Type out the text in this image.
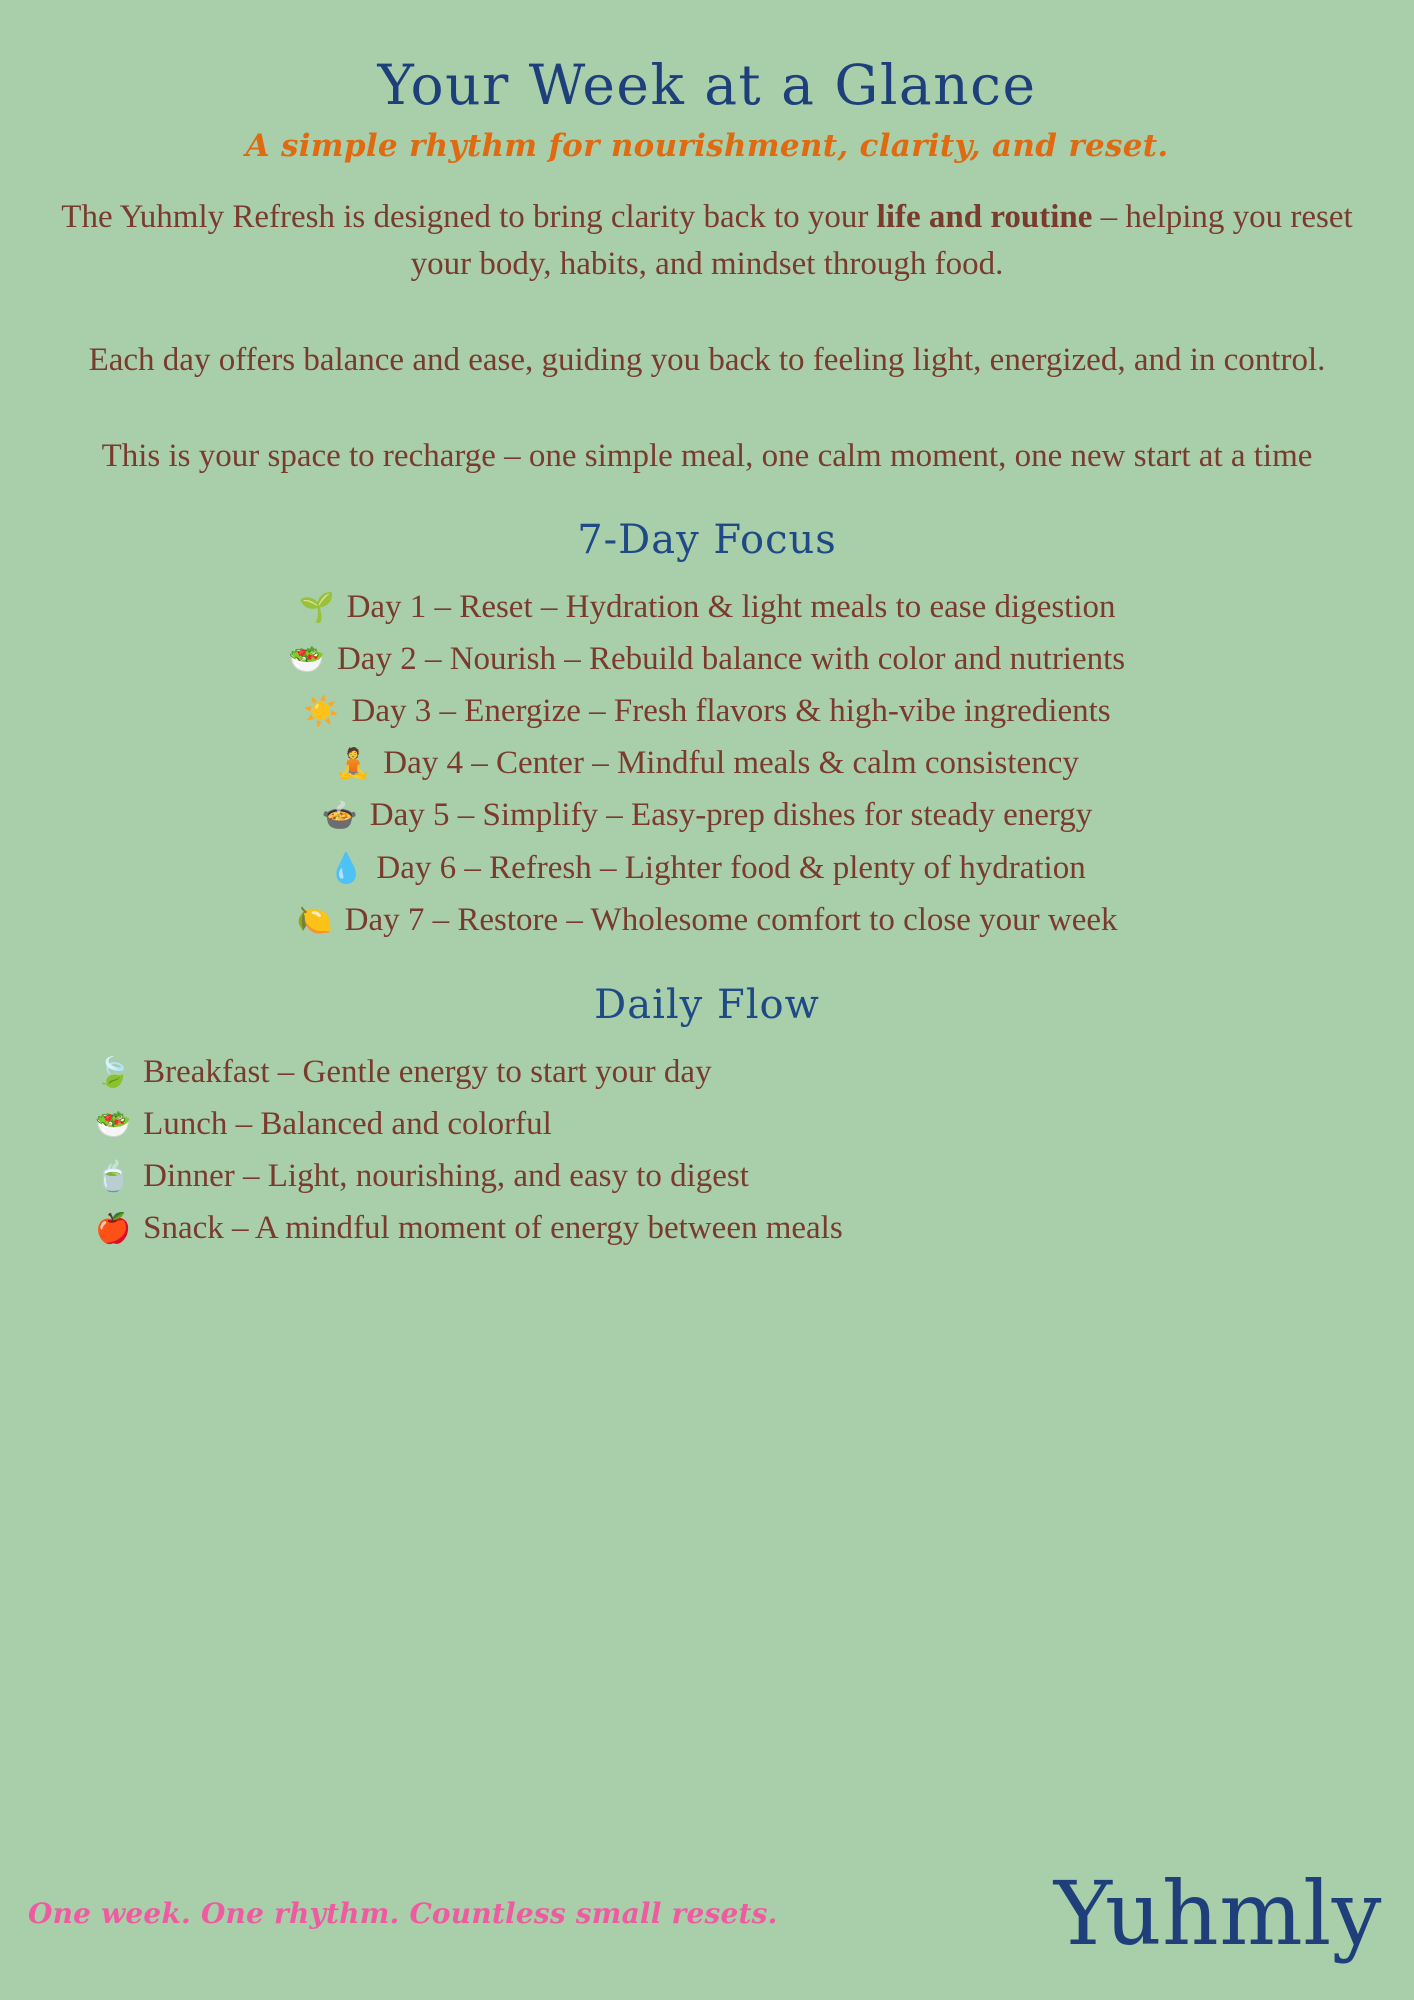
Your Week at a Glance
A simple rhythm for nourishment, clarity, and reset.

The Yuhmly Refresh is designed to bring clarity back to your life and routine – helping you reset your body, habits, and mindset through food.

Each day offers balance and ease, guiding you back to feeling light, energized, and in control.

This is your space to recharge – one simple meal, one calm moment, one new start at a time

7-Day Focus
🌱 Day 1 – Reset – Hydration & light meals to ease digestion
🥗 Day 2 – Nourish – Rebuild balance with color and nutrients
☀️ Day 3 – Energize – Fresh flavors & high-vibe ingredients
🧘 Day 4 – Center – Mindful meals & calm consistency
🍲 Day 5 – Simplify – Easy-prep dishes for steady energy
💧 Day 6 – Refresh – Lighter food & plenty of hydration
🍋 Day 7 – Restore – Wholesome comfort to close your week
Daily Flow
🍃 Breakfast – Gentle energy to start your day
🥗 Lunch – Balanced and colorful
🍵 Dinner – Light, nourishing, and easy to digest
🍎 Snack – A mindful moment of energy between meals
One week. One rhythm. Countless small resets.	Yuhmly
